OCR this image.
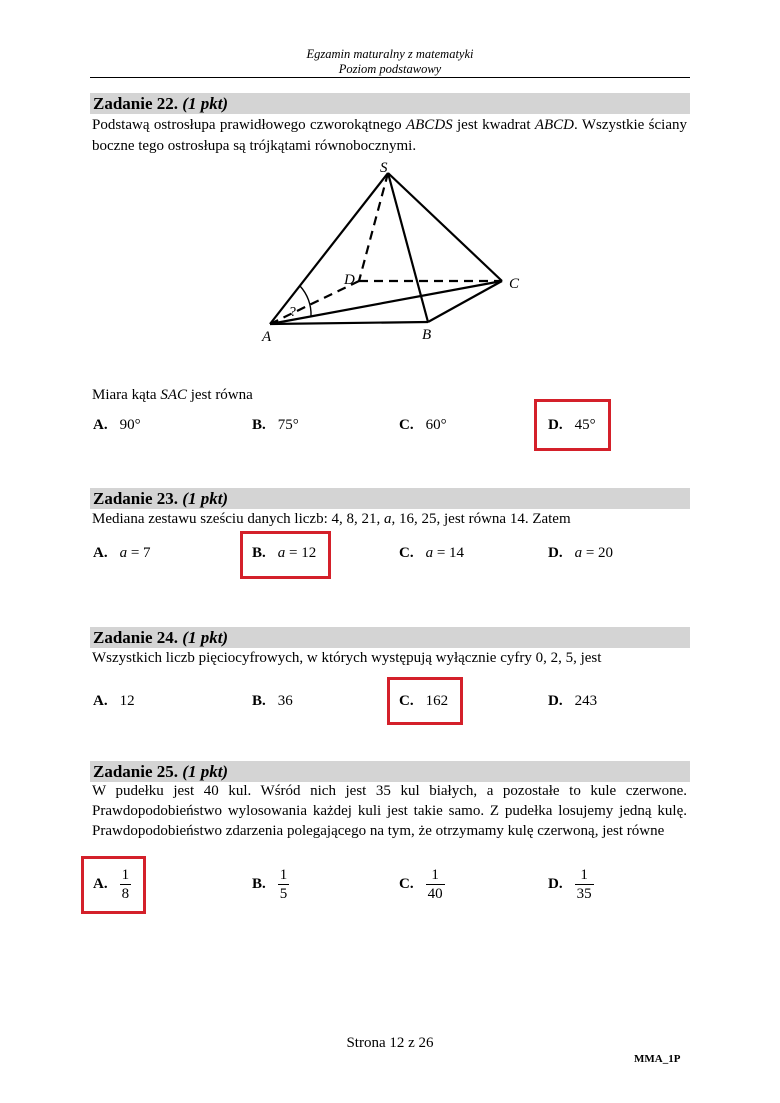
Egzamin maturalny z matematyki
Poziom podstawowy
Zadanie 22. (1 pkt)
Podstawą ostrosłupa prawidłowego czworokątnego ABCDS jest kwadrat ABCD. Wszystkie ściany boczne tego ostrosłupa są trójkątami równobocznymi.
S
D	C
A	B
?
Miara kąta SAC jest równa
A. 90°	B. 75°	C. 60°	D. 45°
Zadanie 23. (1 pkt)
Mediana zestawu sześciu danych liczb: 4, 8, 21, a, 16, 25, jest równa 14. Zatem
A. a = 7	B. a = 12	C. a = 14	D. a = 20
Zadanie 24. (1 pkt)
Wszystkich liczb pięciocyfrowych, w których występują wyłącznie cyfry 0, 2, 5, jest
A. 12	B. 36	C. 162	D. 243
Zadanie 25. (1 pkt)
W pudełku jest 40 kul. Wśród nich jest 35 kul białych, a pozostałe to kule czerwone.
Prawdopodobieństwo wylosowania każdej kuli jest takie samo. Z pudełka losujemy jedną kulę.
Prawdopodobieństwo zdarzenia polegającego na tym, że otrzymamy kulę czerwoną, jest równe
A. $\frac{1}{8}$	B. $\frac{1}{5}$	C. $\frac{1}{40}$	D. $\frac{1}{35}$
Strona 12 z 26
MMA_1P
